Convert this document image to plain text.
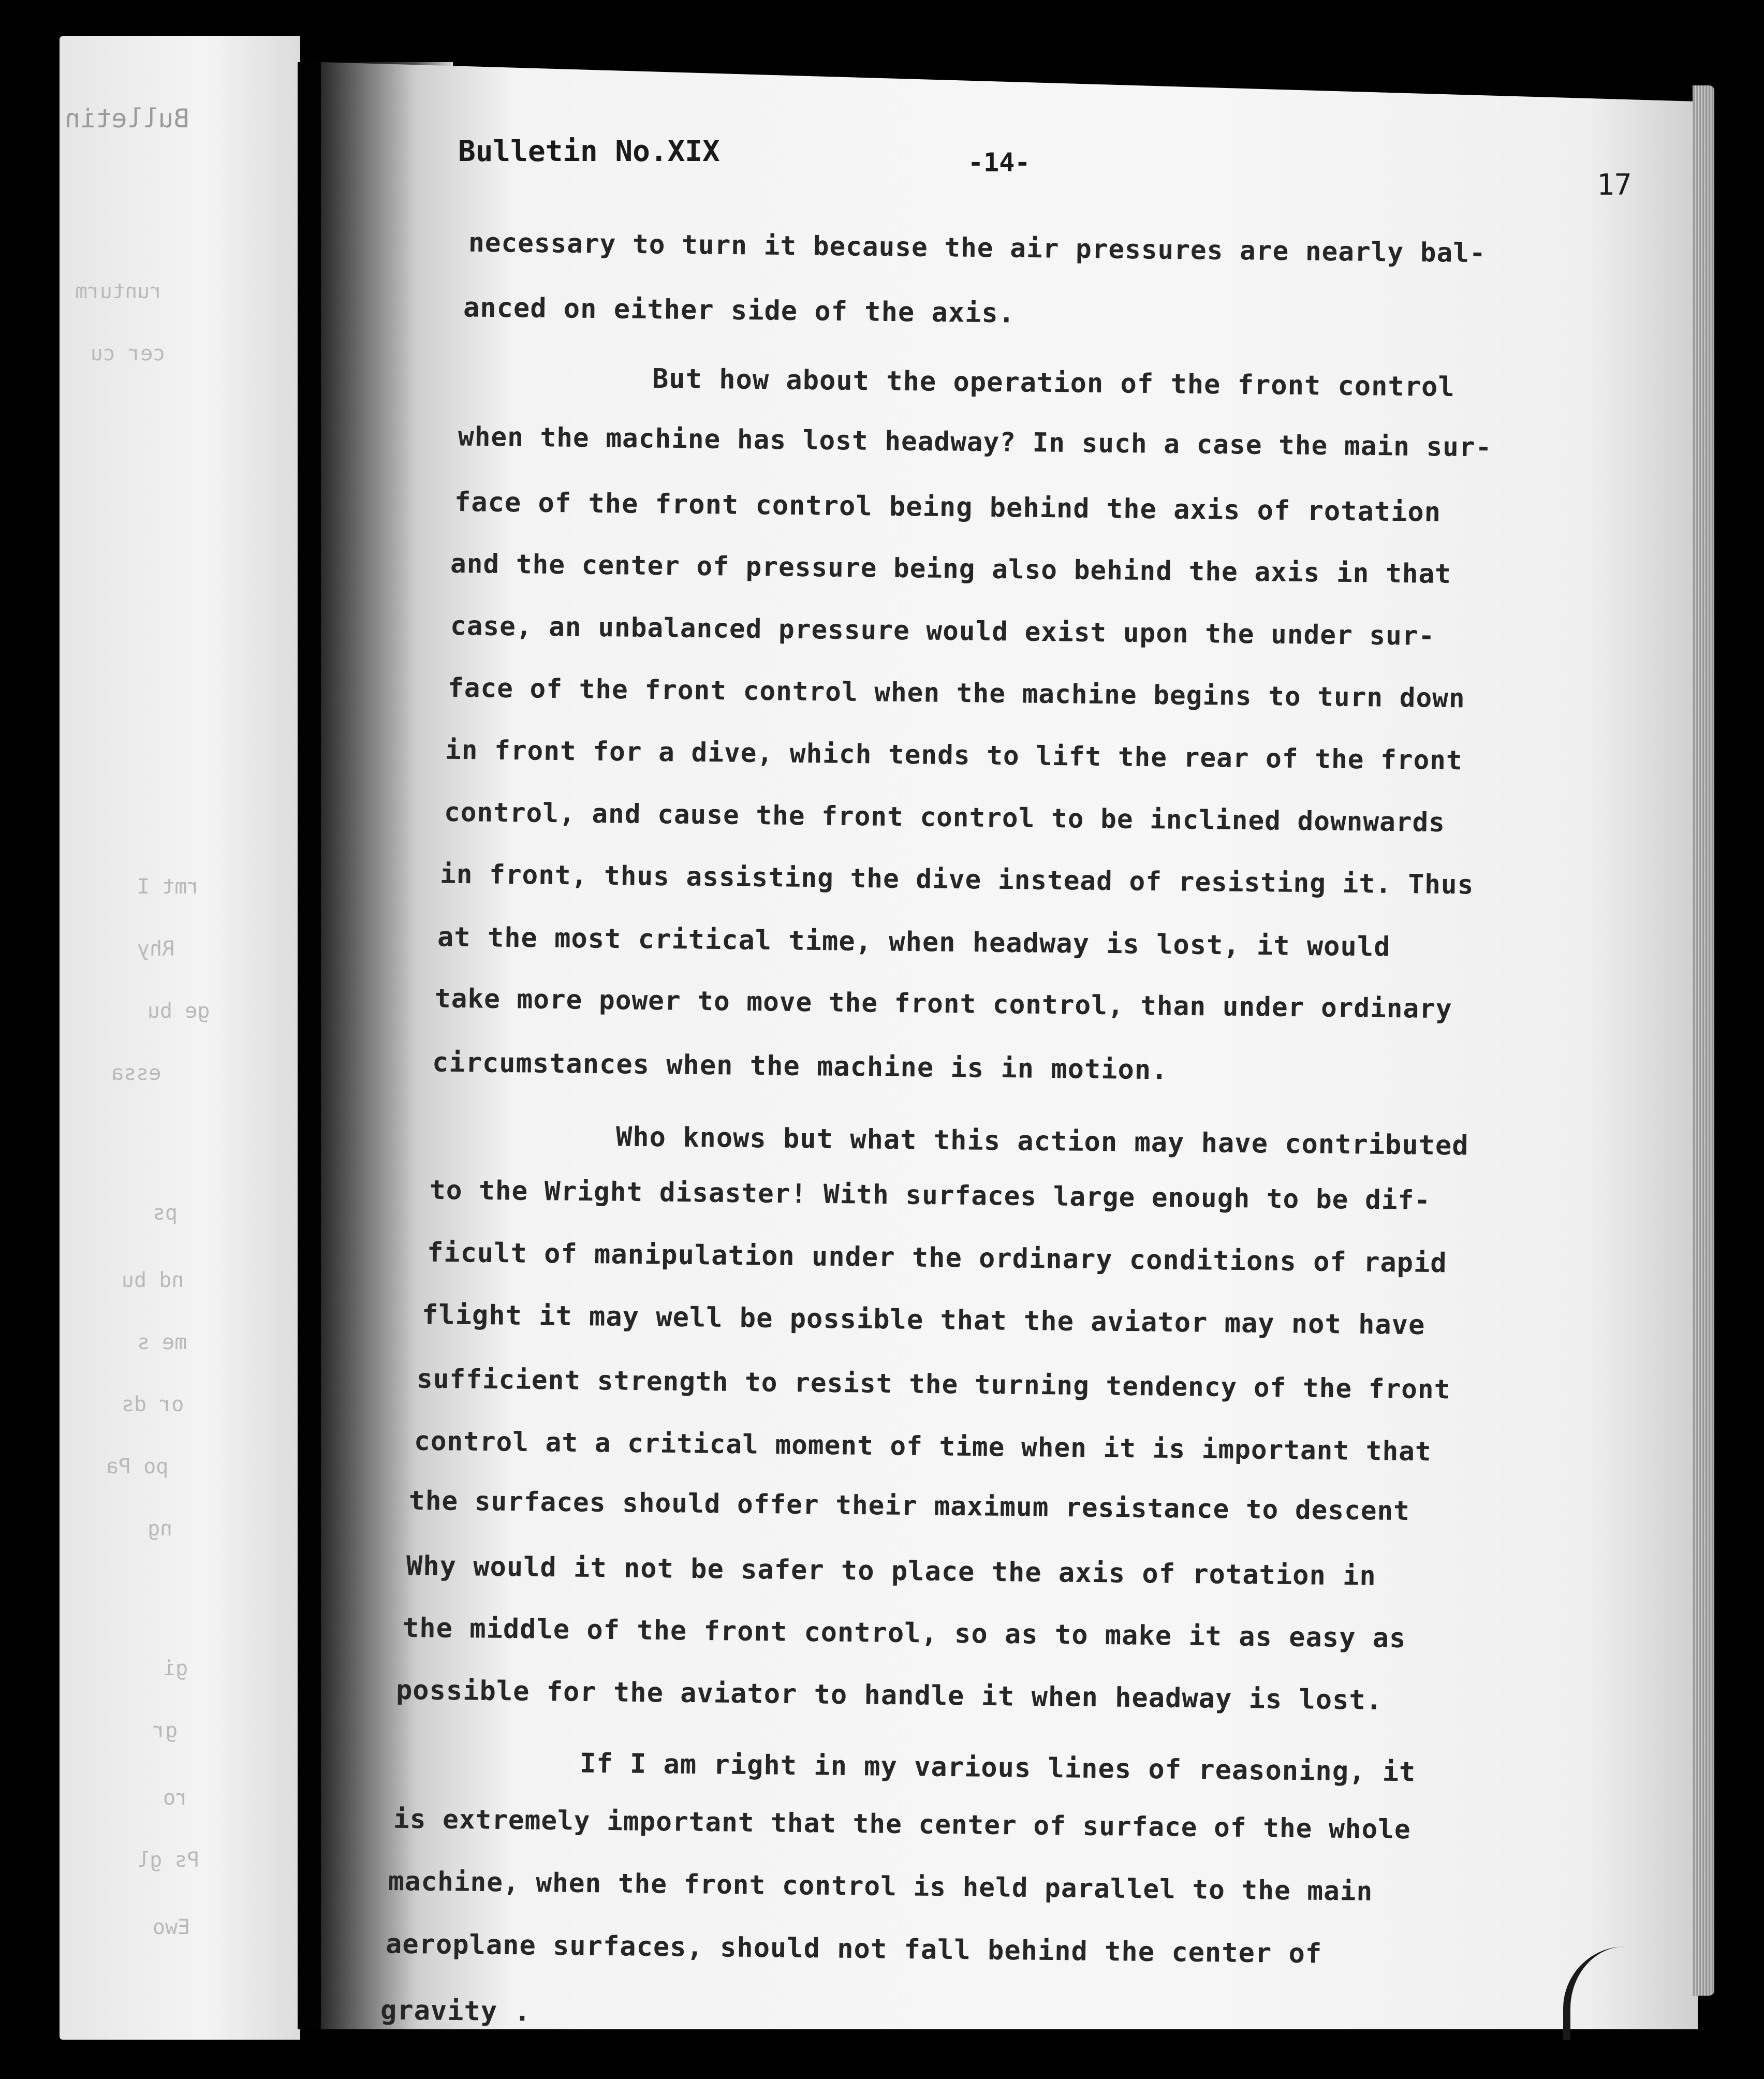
Bulletin
runturm
cer cu
rmt I
Rhy
ge bu
essa
ps
nd bu
me s
or ds
po Pa
ng
gi
gr
ro
Ps gl
Ewo
Bulletin No.XIX	-14-
17
necessary to turn it because the air pressures are nearly bal-
anced on either side of the axis.
But how about the operation of the front control
when the machine has lost headway? In such a case the main sur-
face of the front control being behind the axis of rotation
and the center of pressure being also behind the axis in that
case, an unbalanced pressure would exist upon the under sur-
face of the front control when the machine begins to turn down
in front for a dive, which tends to lift the rear of the front
control, and cause the front control to be inclined downwards
in front, thus assisting the dive instead of resisting it. Thus
at the most critical time, when headway is lost, it would
take more power to move the front control, than under ordinary
circumstances when the machine is in motion.
Who knows but what this action may have contributed
to the Wright disaster! With surfaces large enough to be dif-
ficult of manipulation under the ordinary conditions of rapid
flight it may well be possible that the aviator may not have
sufficient strength to resist the turning tendency of the front
control at a critical moment of time when it is important that
the surfaces should offer their maximum resistance to descent
Why would it not be safer to place the axis of rotation in
the middle of the front control, so as to make it as easy as
possible for the aviator to handle it when headway is lost.
If I am right in my various lines of reasoning, it
is extremely important that the center of surface of the whole
machine, when the front control is held parallel to the main
aeroplane surfaces, should not fall behind the center of
gravity .
